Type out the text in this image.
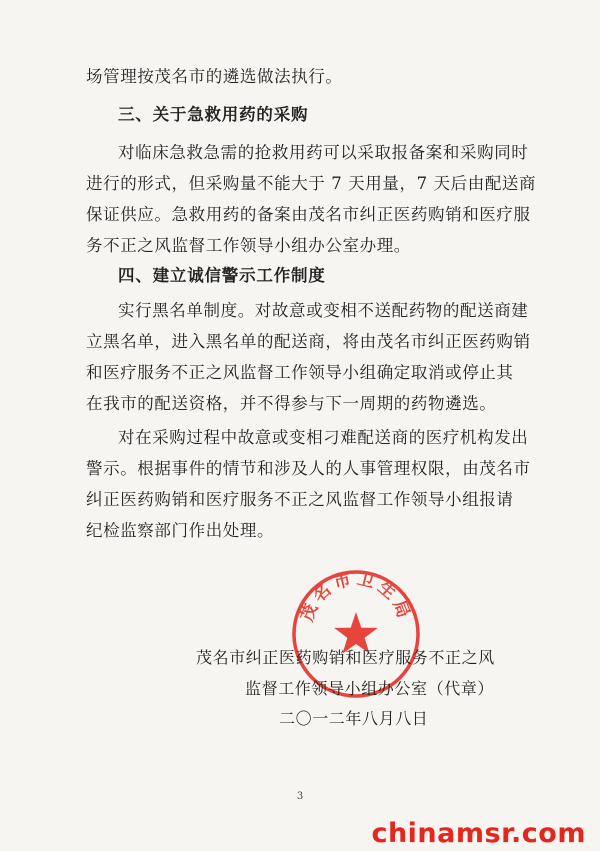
场管理按茂名市的遴选做法执行。
三、关于急救用药的采购
对临床急救急需的抢救用药可以采取报备案和采购同时
进行的形式，但采购量不能大于 7 天用量，7 天后由配送商
保证供应。急救用药的备案由茂名市纠正医药购销和医疗服
务不正之风监督工作领导小组办公室办理。
四、建立诚信警示工作制度
实行黑名单制度。对故意或变相不送配药物的配送商建
立黑名单，进入黑名单的配送商，将由茂名市纠正医药购销
和医疗服务不正之风监督工作领导小组确定取消或停止其
在我市的配送资格，并不得参与下一周期的药物遴选。
对在采购过程中故意或变相刁难配送商的医疗机构发出
警示。根据事件的情节和涉及人的人事管理权限，由茂名市
纠正医药购销和医疗服务不正之风监督工作领导小组报请
纪检监察部门作出处理。
茂名市卫生局
茂名市纠正医药购销和医疗服务不正之风
监督工作领导小组办公室（代章）
二〇一二年八月八日
3
chinamsr.com
